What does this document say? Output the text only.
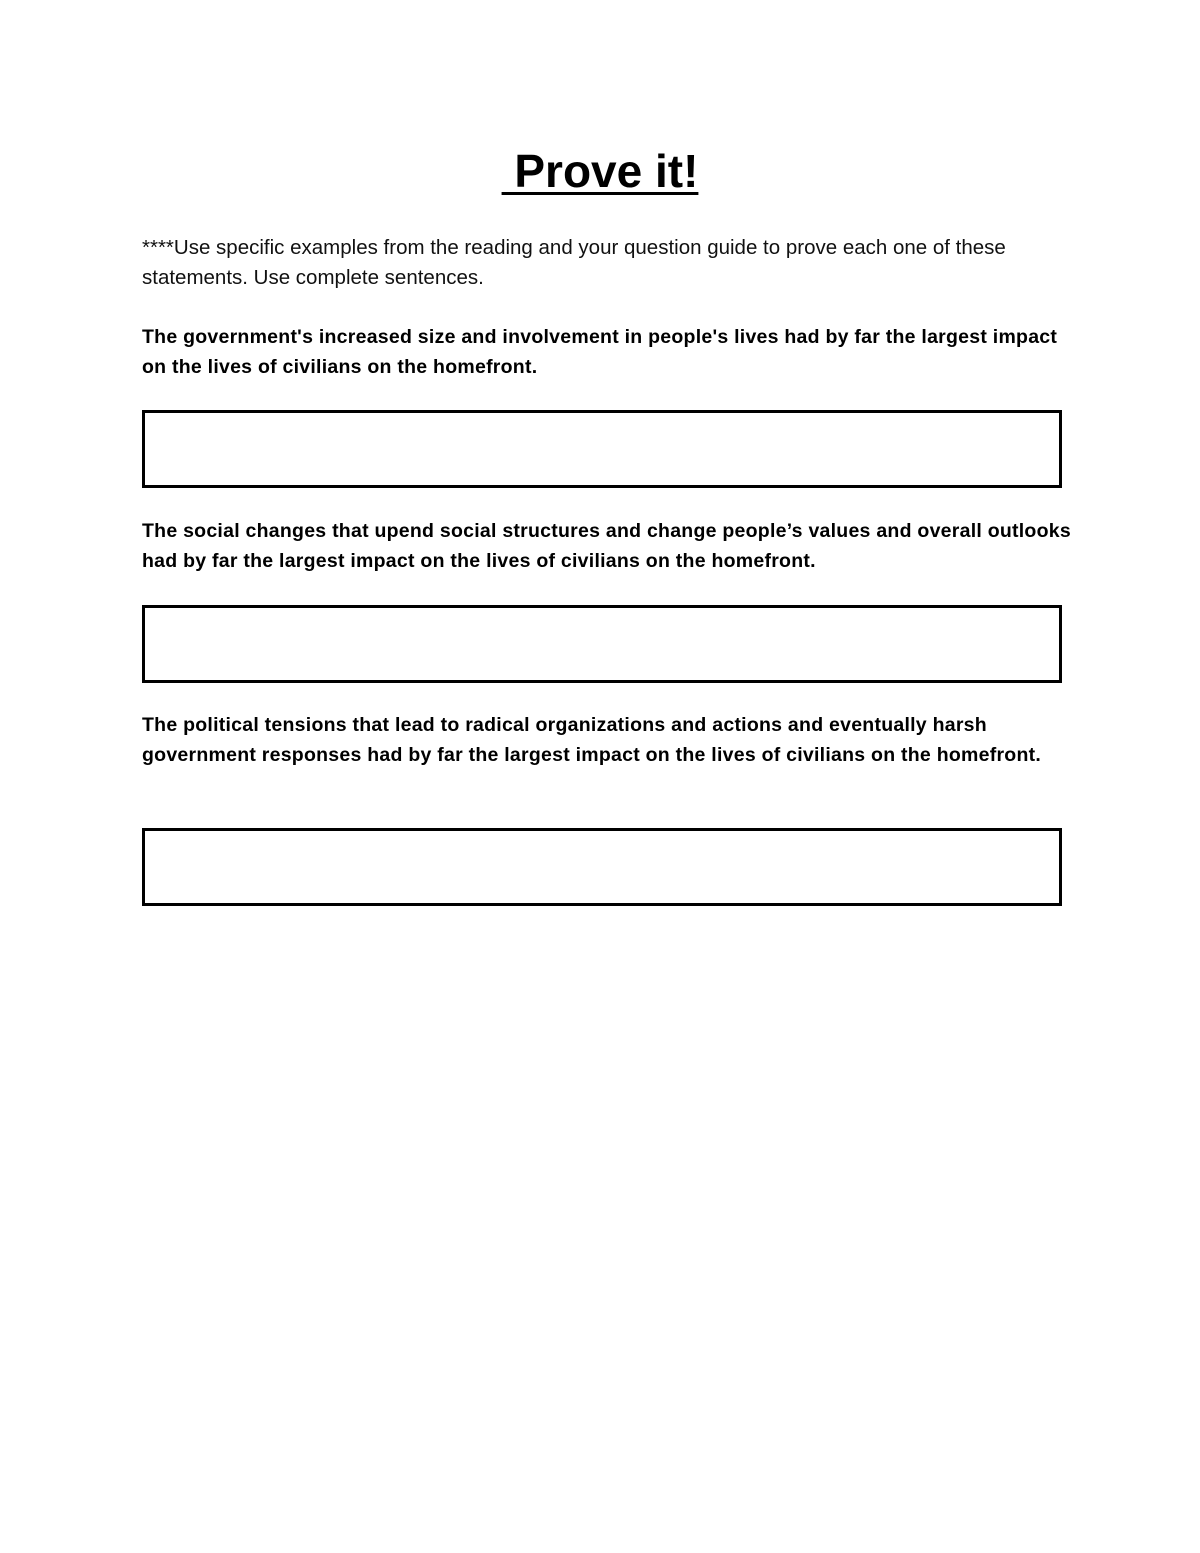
Prove it!

****Use specific examples from the reading and your question guide to prove each one of these statements. Use complete sentences.

The government's increased size and involvement in people's lives had by far the largest impact on the lives of civilians on the homefront.

The social changes that upend social structures and change people’s values and overall outlooks had by far the largest impact on the lives of civilians on the homefront.

The political tensions that lead to radical organizations and actions and eventually harsh government responses had by far the largest impact on the lives of civilians on the homefront.
